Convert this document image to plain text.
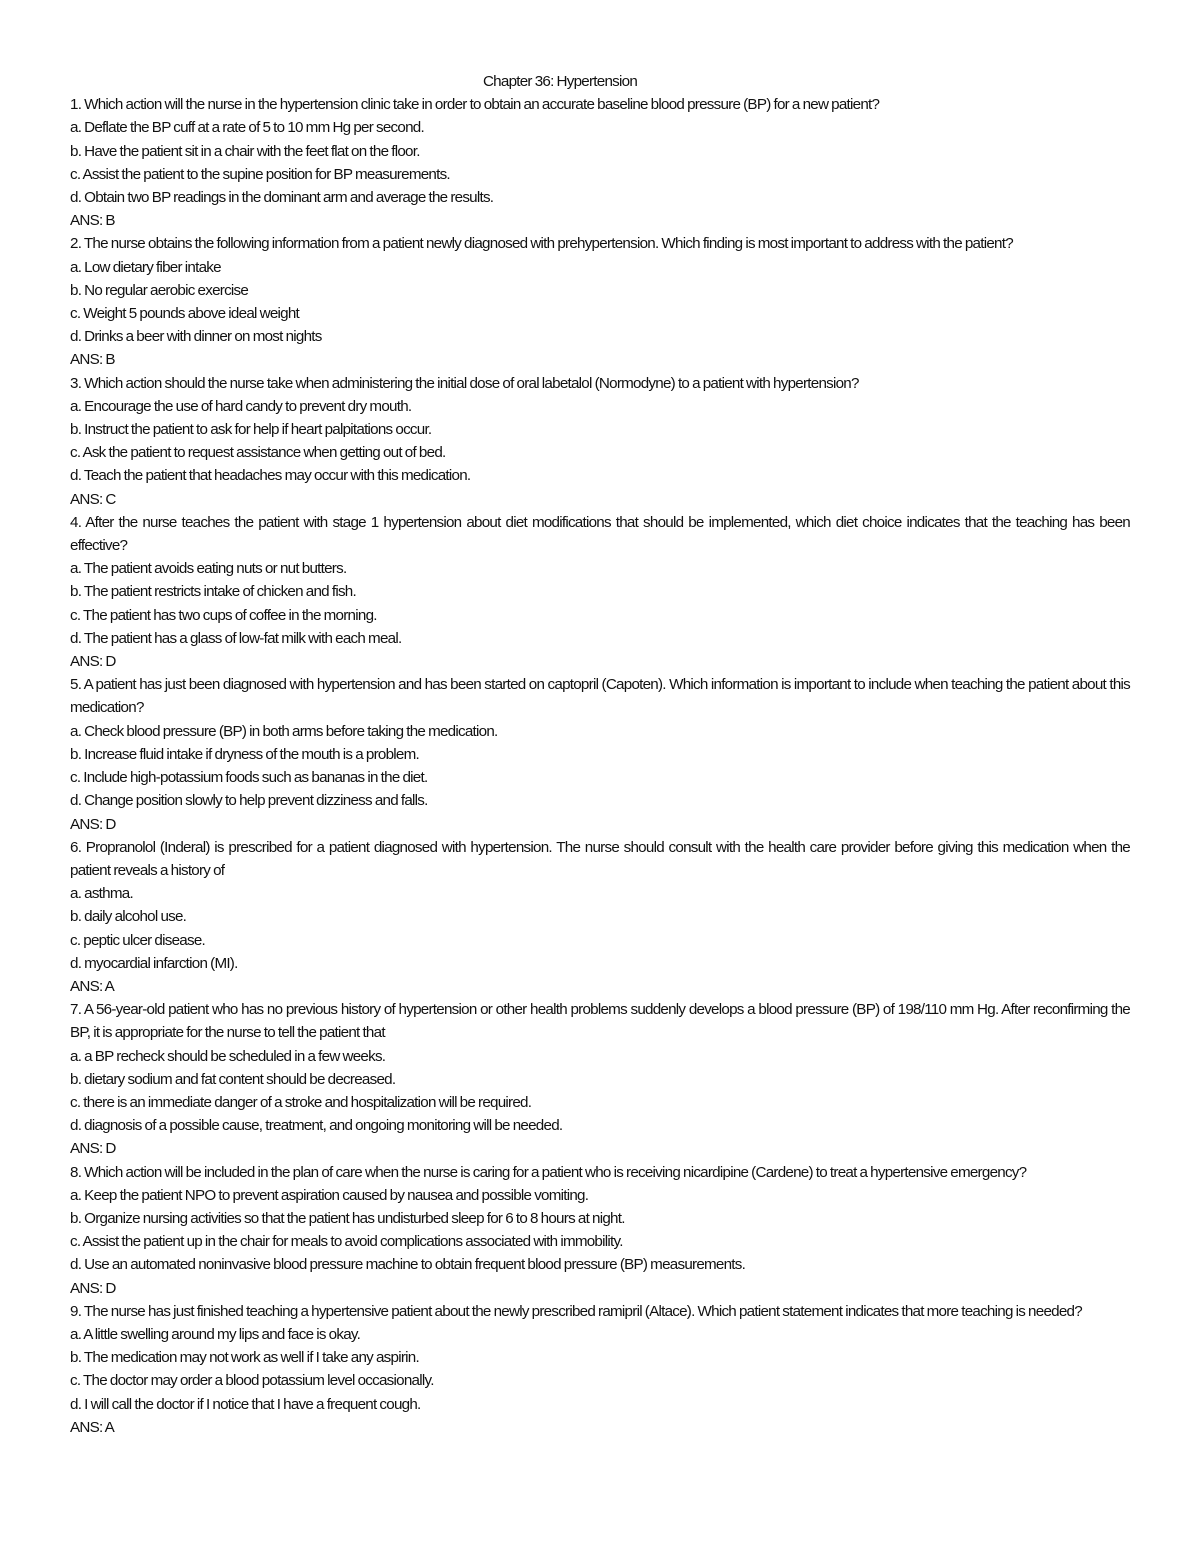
Chapter 36: Hypertension
1. Which action will the nurse in the hypertension clinic take in order to obtain an accurate baseline blood pressure (BP) for a new patient?
a. Deflate the BP cuff at a rate of 5 to 10 mm Hg per second.
b. Have the patient sit in a chair with the feet flat on the floor.
c. Assist the patient to the supine position for BP measurements.
d. Obtain two BP readings in the dominant arm and average the results.
ANS: B
2. The nurse obtains the following information from a patient newly diagnosed with prehypertension. Which finding is most important to address with the patient?
a. Low dietary fiber intake
b. No regular aerobic exercise
c. Weight 5 pounds above ideal weight
d. Drinks a beer with dinner on most nights
ANS: B
3. Which action should the nurse take when administering the initial dose of oral labetalol (Normodyne) to a patient with hypertension?
a. Encourage the use of hard candy to prevent dry mouth.
b. Instruct the patient to ask for help if heart palpitations occur.
c. Ask the patient to request assistance when getting out of bed.
d. Teach the patient that headaches may occur with this medication.
ANS: C
4. After the nurse teaches the patient with stage 1 hypertension about diet modifications that should be implemented, which diet choice indicates that the teaching has been effective?
a. The patient avoids eating nuts or nut butters.
b. The patient restricts intake of chicken and fish.
c. The patient has two cups of coffee in the morning.
d. The patient has a glass of low-fat milk with each meal.
ANS: D
5. A patient has just been diagnosed with hypertension and has been started on captopril (Capoten). Which information is important to include when teaching the patient about this medication?
a. Check blood pressure (BP) in both arms before taking the medication.
b. Increase fluid intake if dryness of the mouth is a problem.
c. Include high-potassium foods such as bananas in the diet.
d. Change position slowly to help prevent dizziness and falls.
ANS: D
6. Propranolol (Inderal) is prescribed for a patient diagnosed with hypertension. The nurse should consult with the health care provider before giving this medication when the patient reveals a history of
a. asthma.
b. daily alcohol use.
c. peptic ulcer disease.
d. myocardial infarction (MI).
ANS: A
7. A 56-year-old patient who has no previous history of hypertension or other health problems suddenly develops a blood pressure (BP) of 198/110 mm Hg. After reconfirming the BP, it is appropriate for the nurse to tell the patient that
a. a BP recheck should be scheduled in a few weeks.
b. dietary sodium and fat content should be decreased.
c. there is an immediate danger of a stroke and hospitalization will be required.
d. diagnosis of a possible cause, treatment, and ongoing monitoring will be needed.
ANS: D
8. Which action will be included in the plan of care when the nurse is caring for a patient who is receiving nicardipine (Cardene) to treat a hypertensive emergency?
a. Keep the patient NPO to prevent aspiration caused by nausea and possible vomiting.
b. Organize nursing activities so that the patient has undisturbed sleep for 6 to 8 hours at night.
c. Assist the patient up in the chair for meals to avoid complications associated with immobility.
d. Use an automated noninvasive blood pressure machine to obtain frequent blood pressure (BP) measurements.
ANS: D
9. The nurse has just finished teaching a hypertensive patient about the newly prescribed ramipril (Altace). Which patient statement indicates that more teaching is needed?
a. A little swelling around my lips and face is okay.
b. The medication may not work as well if I take any aspirin.
c. The doctor may order a blood potassium level occasionally.
d. I will call the doctor if I notice that I have a frequent cough.
ANS: A
